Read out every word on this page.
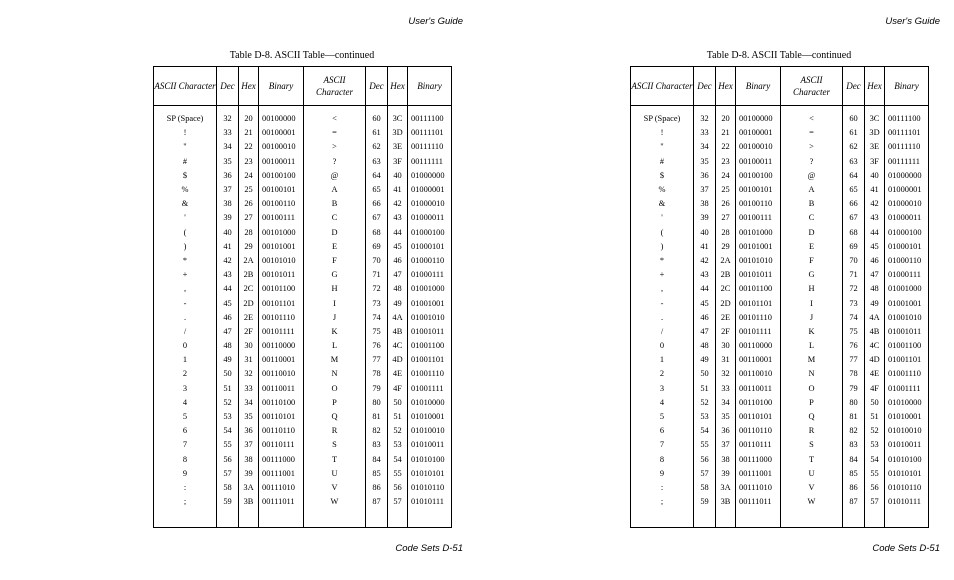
User's Guide
Table D-8. ASCII Table—continued
ASCII Character	Dec	Hex	Binary	ASCII Character	Dec	Hex	Binary
SP (Space)	32	20	00100000	<	60	3C	00111100
!	33	21	00100001	=	61	3D	00111101
"	34	22	00100010	>	62	3E	00111110
#	35	23	00100011	?	63	3F	00111111
$	36	24	00100100	@	64	40	01000000
%	37	25	00100101	A	65	41	01000001
&	38	26	00100110	B	66	42	01000010
'	39	27	00100111	C	67	43	01000011
(	40	28	00101000	D	68	44	01000100
)	41	29	00101001	E	69	45	01000101
*	42	2A	00101010	F	70	46	01000110
+	43	2B	00101011	G	71	47	01000111
,	44	2C	00101100	H	72	48	01001000
-	45	2D	00101101	I	73	49	01001001
.	46	2E	00101110	J	74	4A	01001010
/	47	2F	00101111	K	75	4B	01001011
0	48	30	00110000	L	76	4C	01001100
1	49	31	00110001	M	77	4D	01001101
2	50	32	00110010	N	78	4E	01001110
3	51	33	00110011	O	79	4F	01001111
4	52	34	00110100	P	80	50	01010000
5	53	35	00110101	Q	81	51	01010001
6	54	36	00110110	R	82	52	01010010
7	55	37	00110111	S	83	53	01010011
8	56	38	00111000	T	84	54	01010100
9	57	39	00111001	U	85	55	01010101
:	58	3A	00111010	V	86	56	01010110
;	59	3B	00111011	W	87	57	01010111

Code Sets D-51
User's Guide
Table D-8. ASCII Table—continued
ASCII Character	Dec	Hex	Binary	ASCII Character	Dec	Hex	Binary
SP (Space)	32	20	00100000	<	60	3C	00111100
!	33	21	00100001	=	61	3D	00111101
"	34	22	00100010	>	62	3E	00111110
#	35	23	00100011	?	63	3F	00111111
$	36	24	00100100	@	64	40	01000000
%	37	25	00100101	A	65	41	01000001
&	38	26	00100110	B	66	42	01000010
'	39	27	00100111	C	67	43	01000011
(	40	28	00101000	D	68	44	01000100
)	41	29	00101001	E	69	45	01000101
*	42	2A	00101010	F	70	46	01000110
+	43	2B	00101011	G	71	47	01000111
,	44	2C	00101100	H	72	48	01001000
-	45	2D	00101101	I	73	49	01001001
.	46	2E	00101110	J	74	4A	01001010
/	47	2F	00101111	K	75	4B	01001011
0	48	30	00110000	L	76	4C	01001100
1	49	31	00110001	M	77	4D	01001101
2	50	32	00110010	N	78	4E	01001110
3	51	33	00110011	O	79	4F	01001111
4	52	34	00110100	P	80	50	01010000
5	53	35	00110101	Q	81	51	01010001
6	54	36	00110110	R	82	52	01010010
7	55	37	00110111	S	83	53	01010011
8	56	38	00111000	T	84	54	01010100
9	57	39	00111001	U	85	55	01010101
:	58	3A	00111010	V	86	56	01010110
;	59	3B	00111011	W	87	57	01010111

Code Sets D-51
